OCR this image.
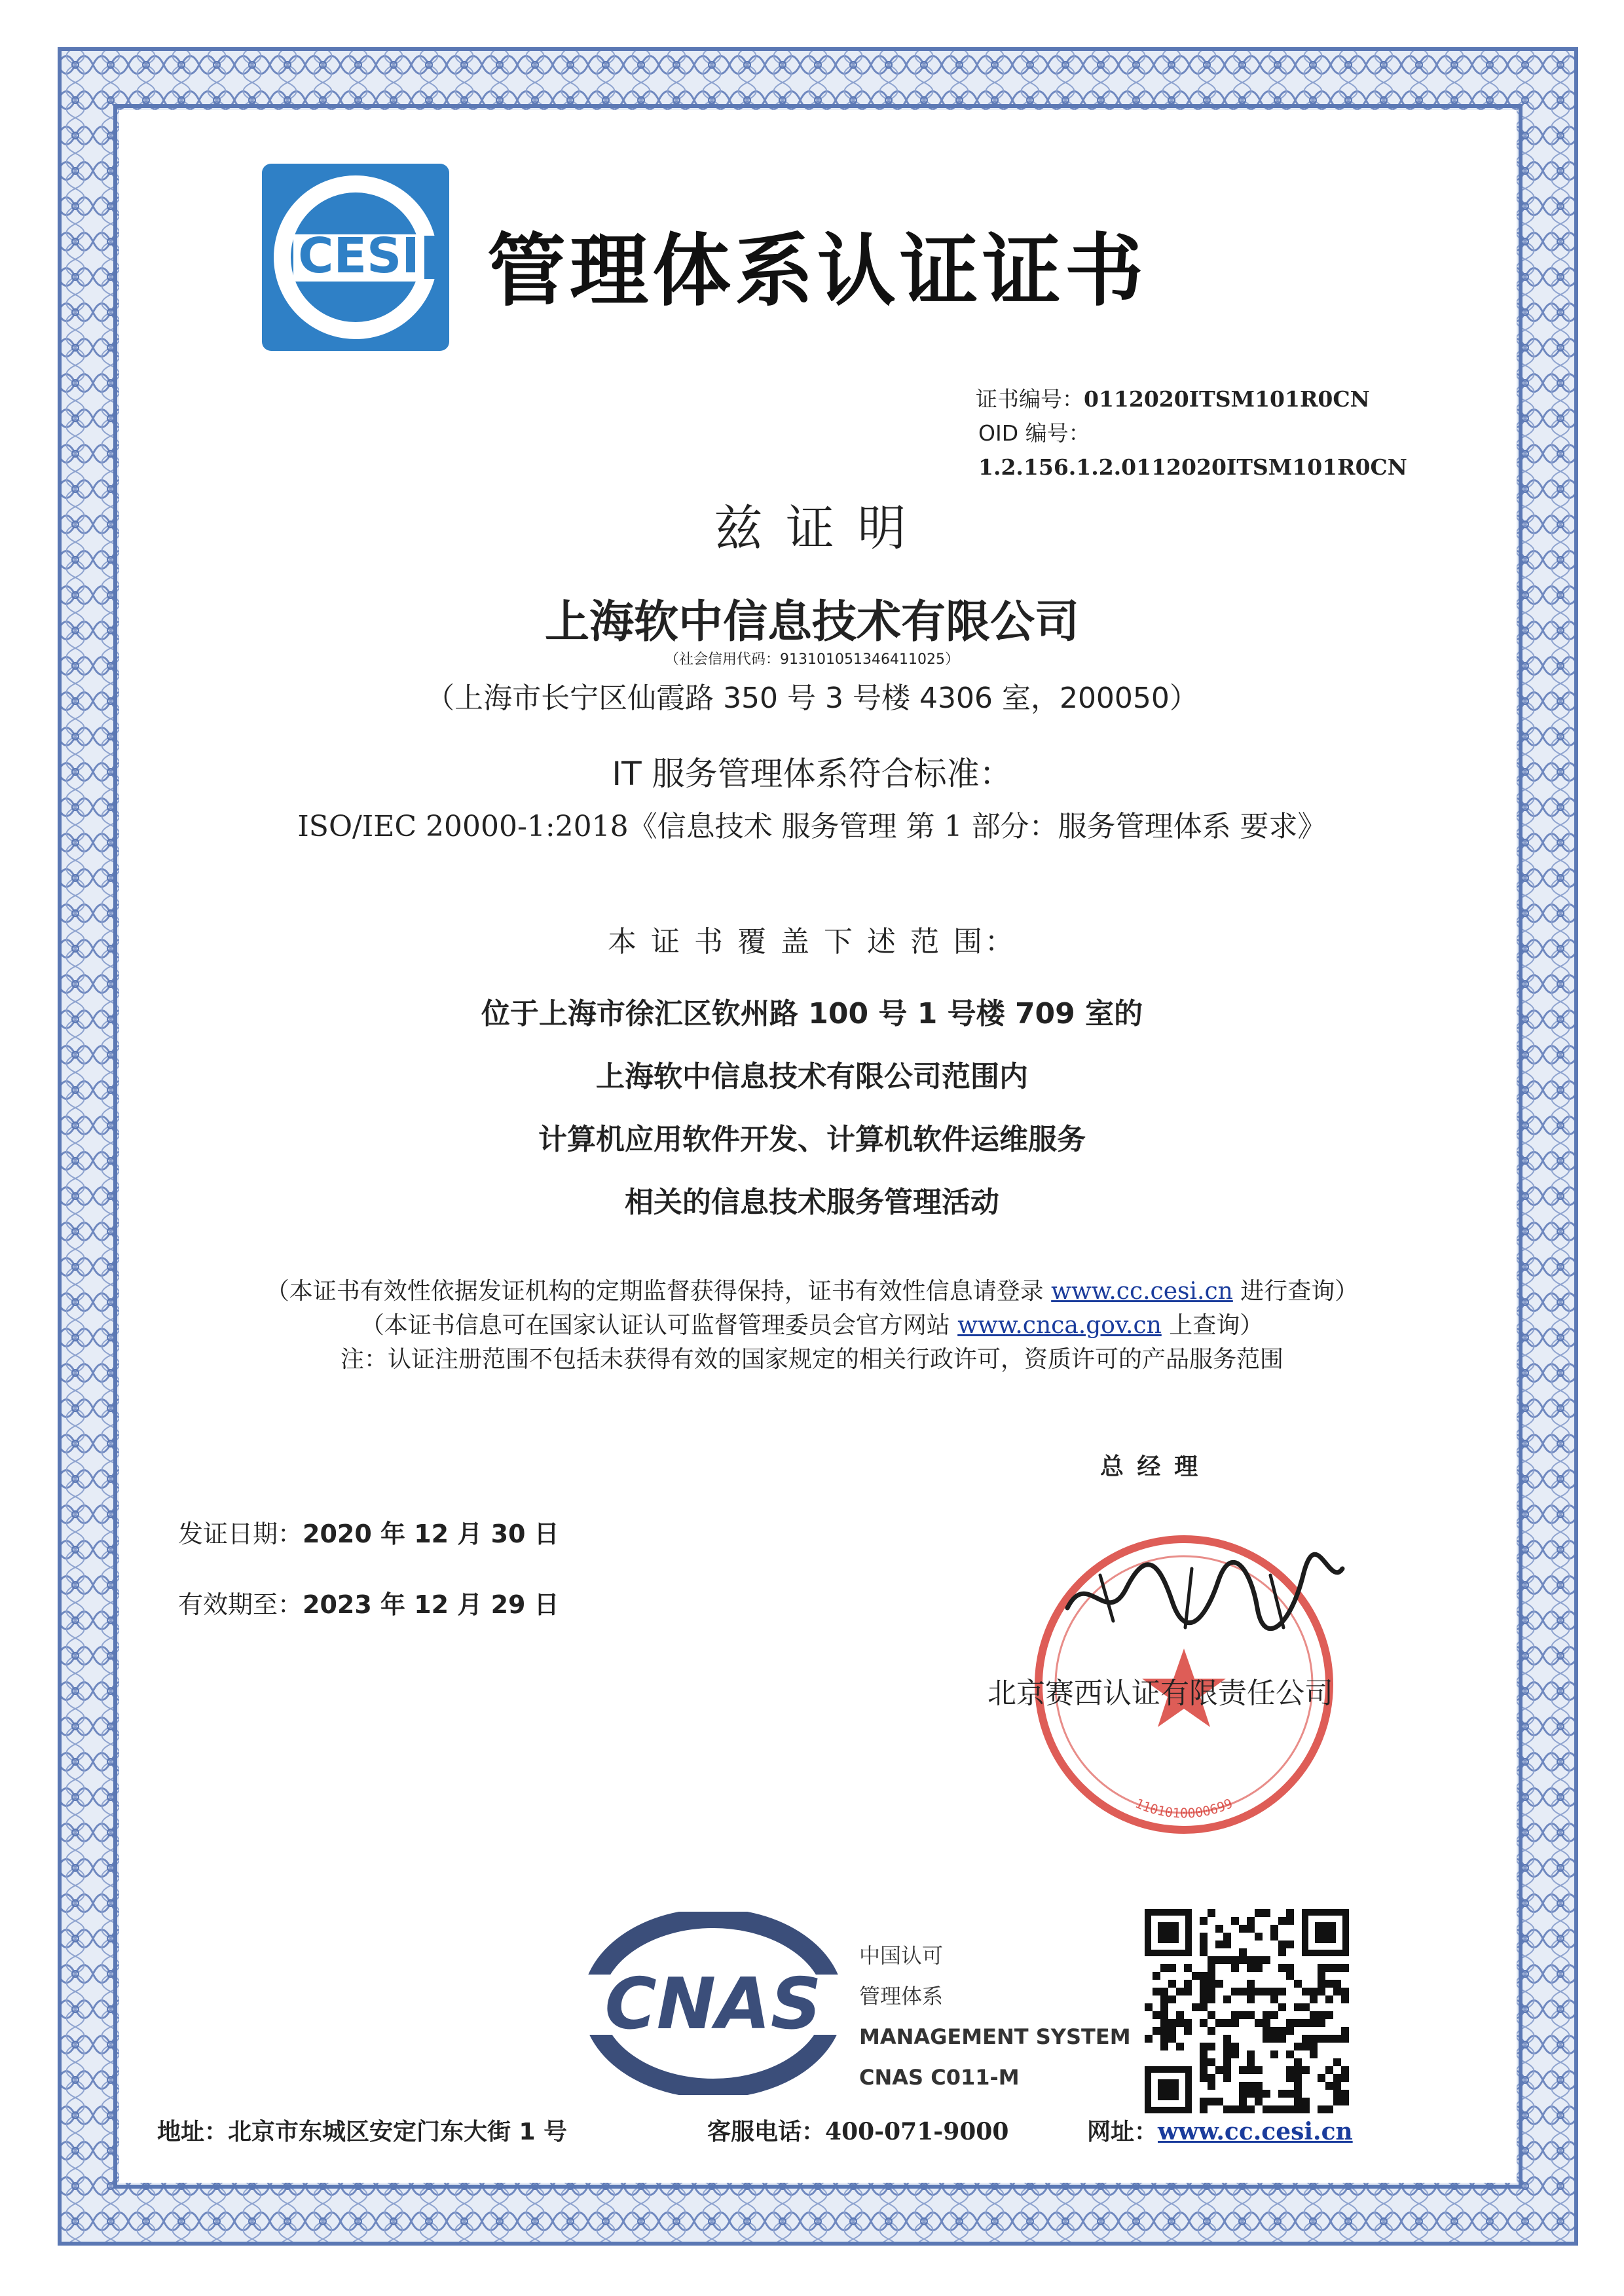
CESI 管理体系认证证书
证书编号：0112020ITSM101R0CN
OID 编号：1.2.156.1.2.0112020ITSM101R0CN
兹 证 明
上海软中信息技术有限公司
（社会信用代码：913101051346411025）
（上海市长宁区仙霞路 350 号 3 号楼 4306 室，200050）
IT 服务管理体系符合标准：
ISO/IEC 20000-1:2018《信息技术 服务管理 第 1 部分：服务管理体系 要求》
本 证 书 覆 盖 下 述 范 围：
位于上海市徐汇区钦州路 100 号 1 号楼 709 室的
上海软中信息技术有限公司范围内
计算机应用软件开发、计算机软件运维服务
相关的信息技术服务管理活动
（本证书有效性依据发证机构的定期监督获得保持，证书有效性信息请登录 www.cc.cesi.cn 进行查询）
（本证书信息可在国家认证认可监督管理委员会官方网站 www.cnca.gov.cn 上查询）
注：认证注册范围不包括未获得有效的国家规定的相关行政许可，资质许可的产品服务范围
总 经 理
发证日期：2020 年 12 月 30 日
有效期至：2023 年 12 月 29 日
1101010000699
北京赛西认证有限责任公司
CNAS
中国认可
管理体系
MANAGEMENT SYSTEM
CNAS C011-M
地址：北京市东城区安定门东大街 1 号	客服电话：400-071-9000	网址：www.cc.cesi.cn
